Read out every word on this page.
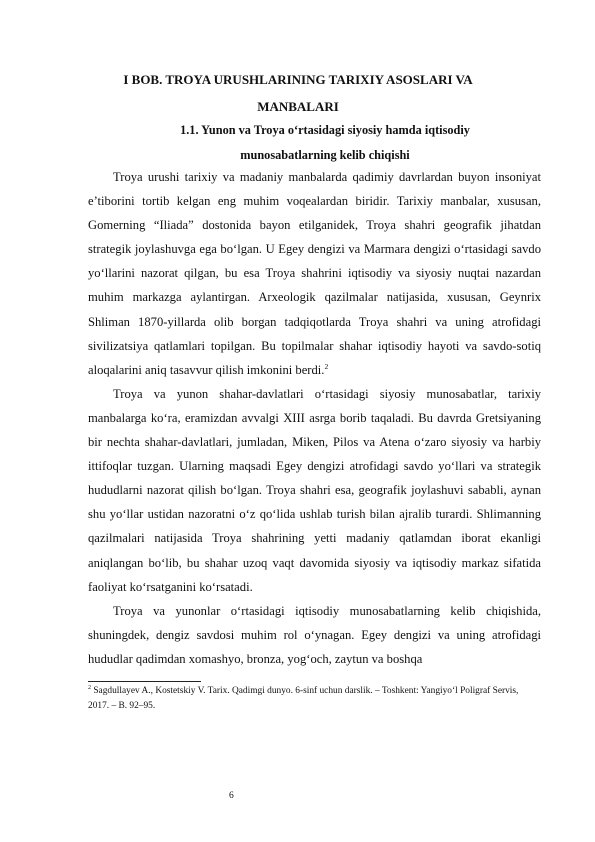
I BOB. TROYA URUSHLARINING TARIXIY ASOSLARI VA MANBALARI
1.1. Yunon va Troya o‘rtasidagi siyosiy hamda iqtisodiy munosabatlarning kelib chiqishi

Troya urushi tarixiy va madaniy manbalarda qadimiy davrlardan buyon insoniyat e’tiborini tortib kelgan eng muhim voqealardan biridir. Tarixiy manbalar, xususan, Gomerning “Iliada” dostonida bayon etilganidek, Troya shahri geografik jihatdan strategik joylashuvga ega bo‘lgan. U Egey dengizi va Marmara dengizi o‘rtasidagi savdo yo‘llarini nazorat qilgan, bu esa Troya shahrini iqtisodiy va siyosiy nuqtai nazardan muhim markazga aylantirgan. Arxeologik qazilmalar natijasida, xususan, Geynrix Shliman 1870-yillarda olib borgan tadqiqotlarda Troya shahri va uning atrofidagi sivilizatsiya qatlamlari topilgan. Bu topilmalar shahar iqtisodiy hayoti va savdo-sotiq aloqalarini aniq tasavvur qilish imkonini berdi.$^2$

Troya va yunon shahar-davlatlari o‘rtasidagi siyosiy munosabatlar, tarixiy manbalarga ko‘ra, eramizdan avvalgi XIII asrga borib taqaladi. Bu davrda Gretsiyaning bir nechta shahar-davlatlari, jumladan, Miken, Pilos va Atena o‘zaro siyosiy va harbiy ittifoqlar tuzgan. Ularning maqsadi Egey dengizi atrofidagi savdo yo‘llari va strategik hududlarni nazorat qilish bo‘lgan. Troya shahri esa, geografik joylashuvi sababli, aynan shu yo‘llar ustidan nazoratni o‘z qo‘lida ushlab turish bilan ajralib turardi. Shlimanning qazilmalari natijasida Troya shahrining yetti madaniy qatlamdan iborat ekanligi aniqlangan bo‘lib, bu shahar uzoq vaqt davomida siyosiy va iqtisodiy markaz sifatida faoliyat ko‘rsatganini ko‘rsatadi.

Troya va yunonlar o‘rtasidagi iqtisodiy munosabatlarning kelib chiqishida, shuningdek, dengiz savdosi muhim rol o‘ynagan. Egey dengizi va uning atrofidagi hududlar qadimdan xomashyo, bronza, yog‘och, zaytun va boshqa

$^2$ Sagdullayev A., Kostetskiy V. Tarix. Qadimgi dunyo. 6-sinf uchun darslik. – Toshkent: Yangiyo‘l Poligraf Servis, 2017. – B. 92–95.
6
